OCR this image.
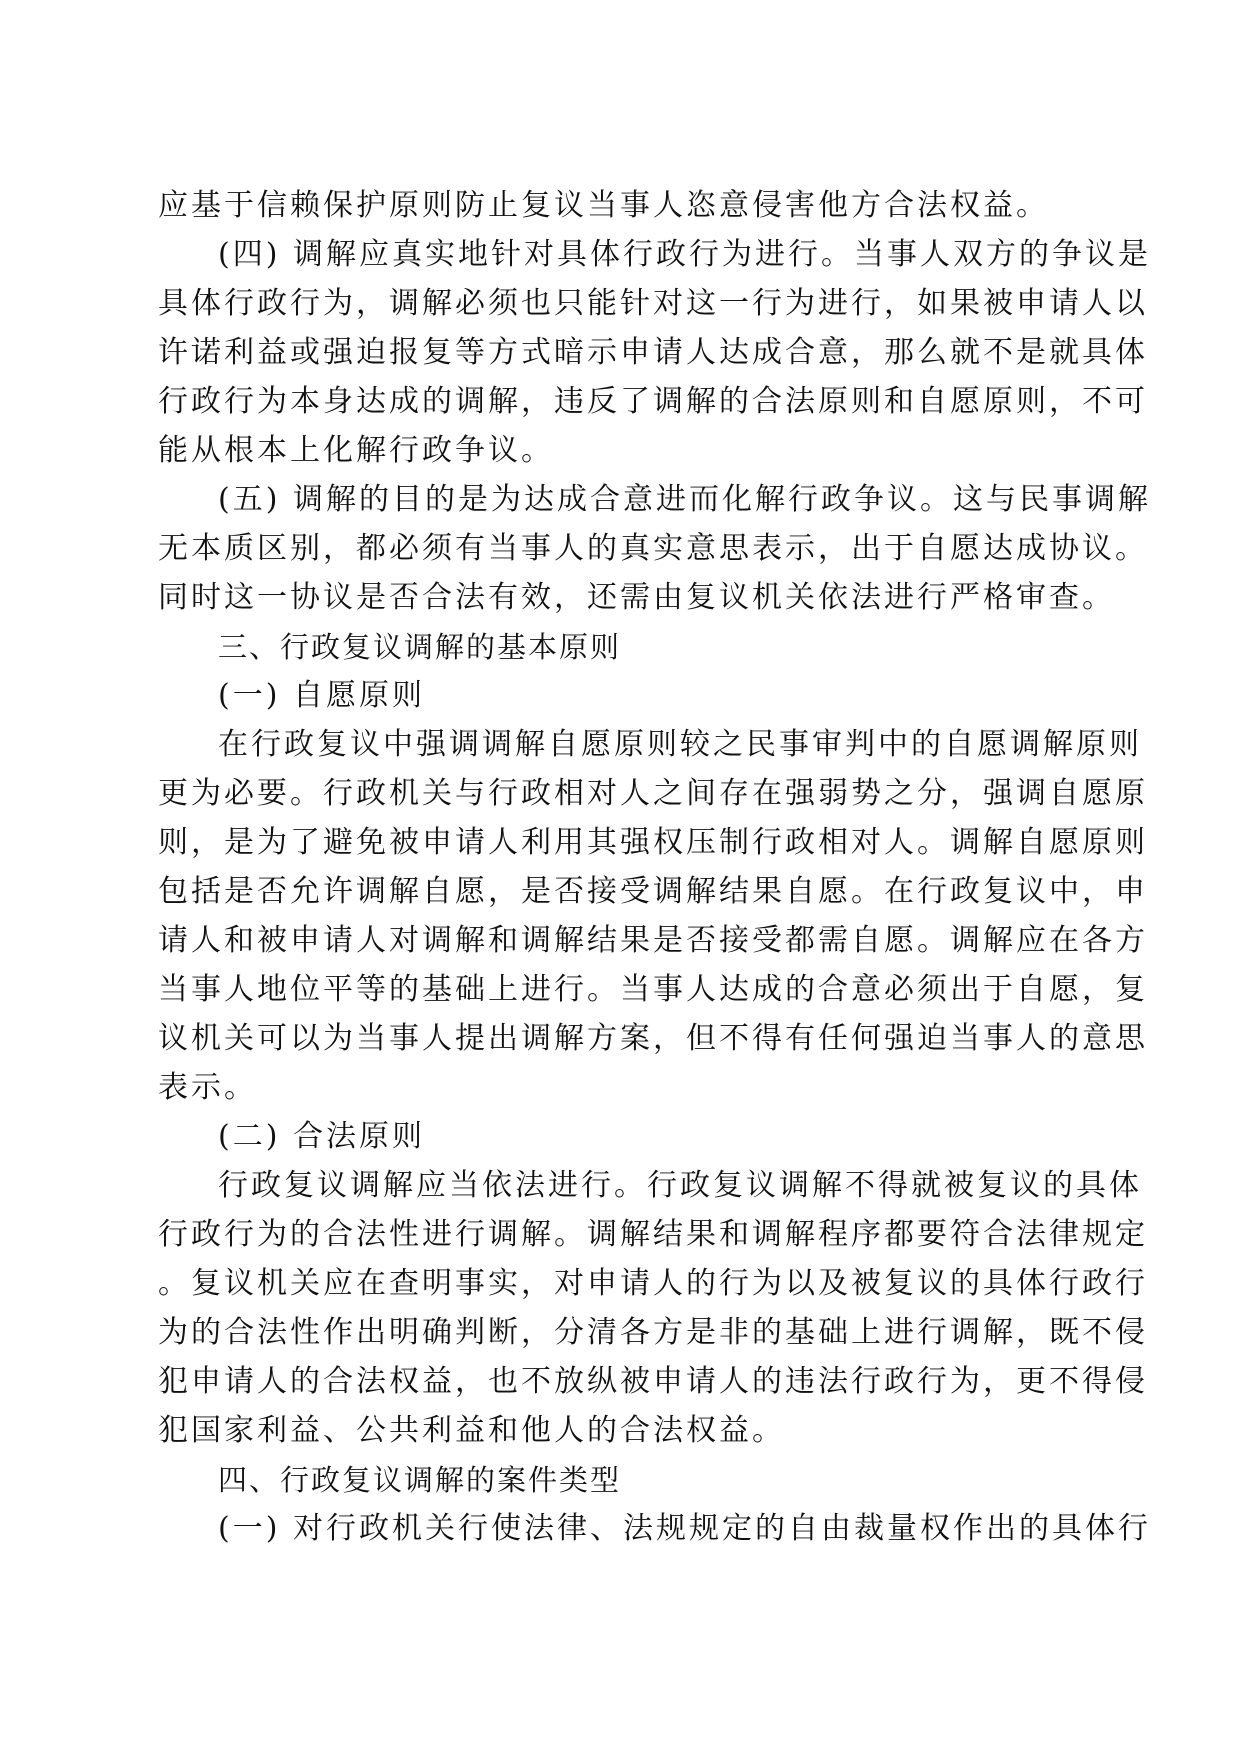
应基于信赖保护原则防止复议当事人恣意侵害他方合法权益。
(四) 调解应真实地针对具体行政行为进行。当事人双方的争议是
具体行政行为，调解必须也只能针对这一行为进行，如果被申请人以
许诺利益或强迫报复等方式暗示申请人达成合意，那么就不是就具体
行政行为本身达成的调解，违反了调解的合法原则和自愿原则，不可
能从根本上化解行政争议。
(五) 调解的目的是为达成合意进而化解行政争议。这与民事调解
无本质区别，都必须有当事人的真实意思表示，出于自愿达成协议。
同时这一协议是否合法有效，还需由复议机关依法进行严格审查。
三、行政复议调解的基本原则
(一) 自愿原则
在行政复议中强调调解自愿原则较之民事审判中的自愿调解原则
更为必要。行政机关与行政相对人之间存在强弱势之分，强调自愿原
则，是为了避免被申请人利用其强权压制行政相对人。调解自愿原则
包括是否允许调解自愿，是否接受调解结果自愿。在行政复议中，申
请人和被申请人对调解和调解结果是否接受都需自愿。调解应在各方
当事人地位平等的基础上进行。当事人达成的合意必须出于自愿，复
议机关可以为当事人提出调解方案，但不得有任何强迫当事人的意思
表示。
(二) 合法原则
行政复议调解应当依法进行。行政复议调解不得就被复议的具体
行政行为的合法性进行调解。调解结果和调解程序都要符合法律规定
。复议机关应在查明事实，对申请人的行为以及被复议的具体行政行
为的合法性作出明确判断，分清各方是非的基础上进行调解，既不侵
犯申请人的合法权益，也不放纵被申请人的违法行政行为，更不得侵
犯国家利益、公共利益和他人的合法权益。
四、行政复议调解的案件类型
(一) 对行政机关行使法律、法规规定的自由裁量权作出的具体行
